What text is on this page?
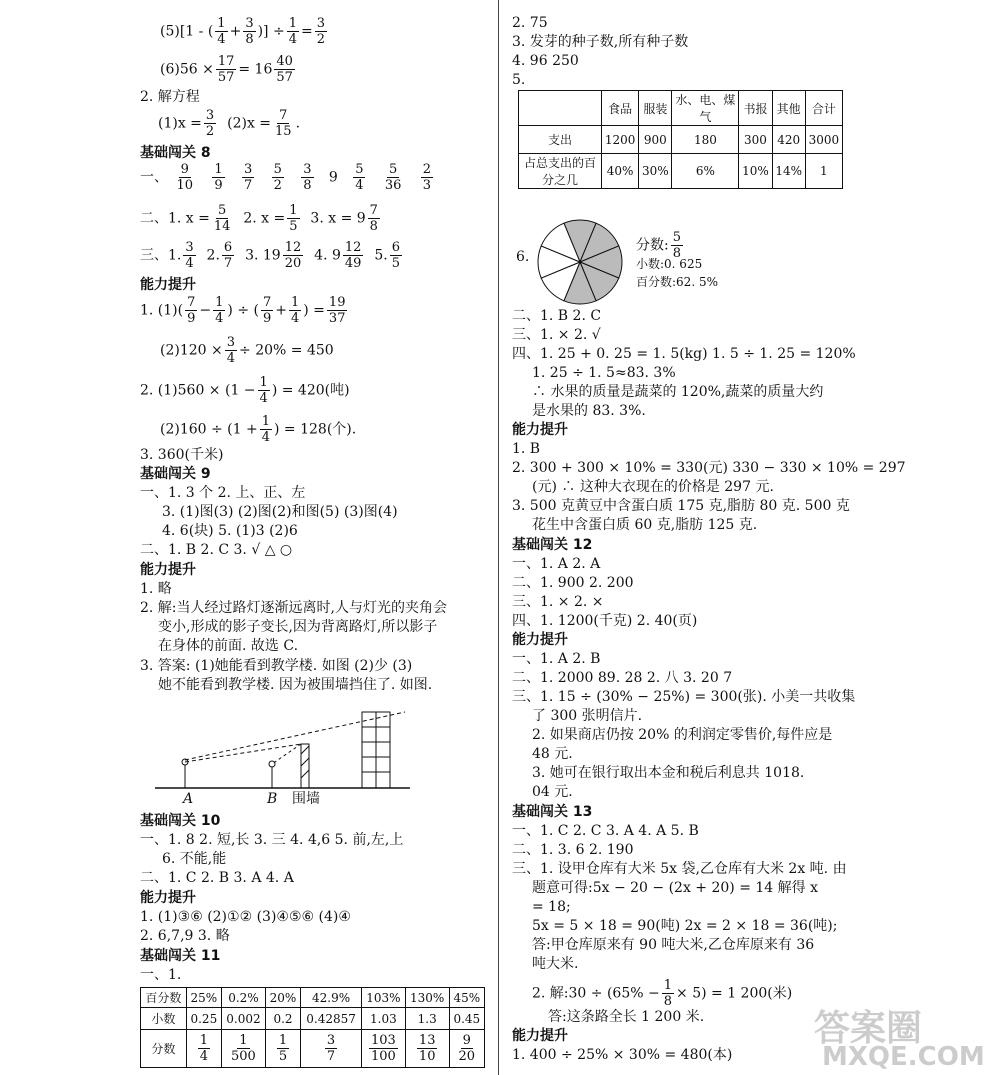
(5)[1 - ( $\frac{1}{4} + \frac{3}{8}$ )] ÷ $\frac{1}{4} = \frac{3}{2}$
$(6)56 \times \frac{17}{57} = 16 \frac{40}{57}$
2. 解方程
$(1)x = \frac{3}{2} (2)x = \frac{7}{15}$ .
基础闯关 8
一、 $\frac{9}{10}$
$\frac{1}{9}$
$\frac{3}{7}$
$\frac{5}{2}$
$\frac{3}{8} 9 \frac{5}{4}$
$\frac{5}{36}$
$\frac{2}{3}$
二、1. $x = \frac{5}{14} 2$. $x = \frac{1}{5} 3$. $x = 9 \frac{7}{8}$
三、1. $\frac{3}{4} 2$. $\frac{6}{7} 3$. $19 \frac{12}{20} 4$. $9 \frac{12}{49} 5$. $\frac{6}{5}$
能力提升
1. $(1)( \frac{7}{9} - \frac{1}{4}$ ) ÷ ( $\frac{7}{9} + \frac{1}{4}$ ) = $\frac{19}{37}$
$(2)120 \times \frac{3}{4} \div 20\% = 450$
2. $(1)560 \times (1 - \frac{1}{4}$ ) = 420(吨)
$(2)160 \div (1 + \frac{1}{4}$ ) = 128(个).
3. 360(千米)
基础闯关 9
一、1. 3 个 2. 上、正、左
3. (1)图(3) (2)图(2)和图(5) (3)图(4)
4. 6(块) 5. (1)3 (2)6
二、1. B 2. C 3. √ △ ○
能力提升
1. 略
2. 解:当人经过路灯逐渐远离时,人与灯光的夹角会
变小,形成的影子变长,因为背离路灯,所以影子
在身体的前面. 故选 C.
3. 答案: (1)她能看到教学楼. 如图 (2)少 (3)
她不能看到教学楼. 因为被围墙挡住了. 如图.
A	B 围墙
基础闯关 10
一、1. 8 2. 短,长 3. 三 4. 4,6 5. 前,左,上
6. 不能,能
二、1. C 2. B 3. A 4. A
能力提升
1. (1)③⑥ (2)①② (3)④⑤⑥ (4)④
2. 6,7,9 3. 略
基础闯关 11
一、1.
百分数	25%	0.2%	20%	42.9%	103%	130%	45%
小数	0.25	0.002	0.2	0.42857	1.03	1.3	0.45
分数	$\frac{1}{4}$	$\frac{1}{500}$	$\frac{1}{5}$	$\frac{3}{7}$	$\frac{103}{100}$	$\frac{13}{10}$	$\frac{9}{20}$
2. 75
3. 发芽的种子数,所有种子数
4. 96 250
5.
	食品	服装	水、电、煤气	书报	其他	合计
支出	1200	900	180	300	420	3000
占总支出的百分之几	40%	30%	6%	10%	14%	1
6.
分数: $\frac{5}{8}$
小数:0. 625
百分数:62. 5%
二、1. B 2. C
三、1. × 2. √
四、1. 25 + 0. 25 = 1. 5(kg) 1. 5 ÷ 1. 25 = 120%
1. 25 ÷ 1. 5≈83. 3%
∴ 水果的质量是蔬菜的 120%,蔬菜的质量大约
是水果的 83. 3%.
能力提升
1. B
2. 300 + 300 × 10% = 330(元) 330 − 330 × 10% = 297
(元) ∴ 这种大衣现在的价格是 297 元.
3. 500 克黄豆中含蛋白质 175 克,脂肪 80 克. 500 克
花生中含蛋白质 60 克,脂肪 125 克.
基础闯关 12
一、1. A 2. A
二、1. 900 2. 200
三、1. × 2. ×
四、1. 1200(千克) 2. 40(页)
能力提升
一、1. A 2. B
二、1. 2000 89. 28 2. 八 3. 20 7
三、1. 15 ÷ (30% − 25%) = 300(张). 小美一共收集
了 300 张明信片.
2. 如果商店仍按 20% 的利润定零售价,每件应是
48 元.
3. 她可在银行取出本金和税后利息共 1018.
04 元.
基础闯关 13
一、1. C 2. C 3. A 4. A 5. B
二、1. 3. 6 2. 190
三、1. 设甲仓库有大米 5x 袋,乙仓库有大米 2x 吨. 由
题意可得:5x − 20 − (2x + 20) = 14 解得 x
= 18;
5x = 5 × 18 = 90(吨) 2x = 2 × 18 = 36(吨);
答:甲仓库原来有 90 吨大米,乙仓库原来有 36
吨大米.
2. 解:30 ÷ $(65\% - \frac{1}{8} \times 5) = 1$ 200(米)
答:这条路全长 1 200 米.
能力提升
1. 400 ÷ 25% × 30% = 480(本)
答案圈
MXQE.COM
